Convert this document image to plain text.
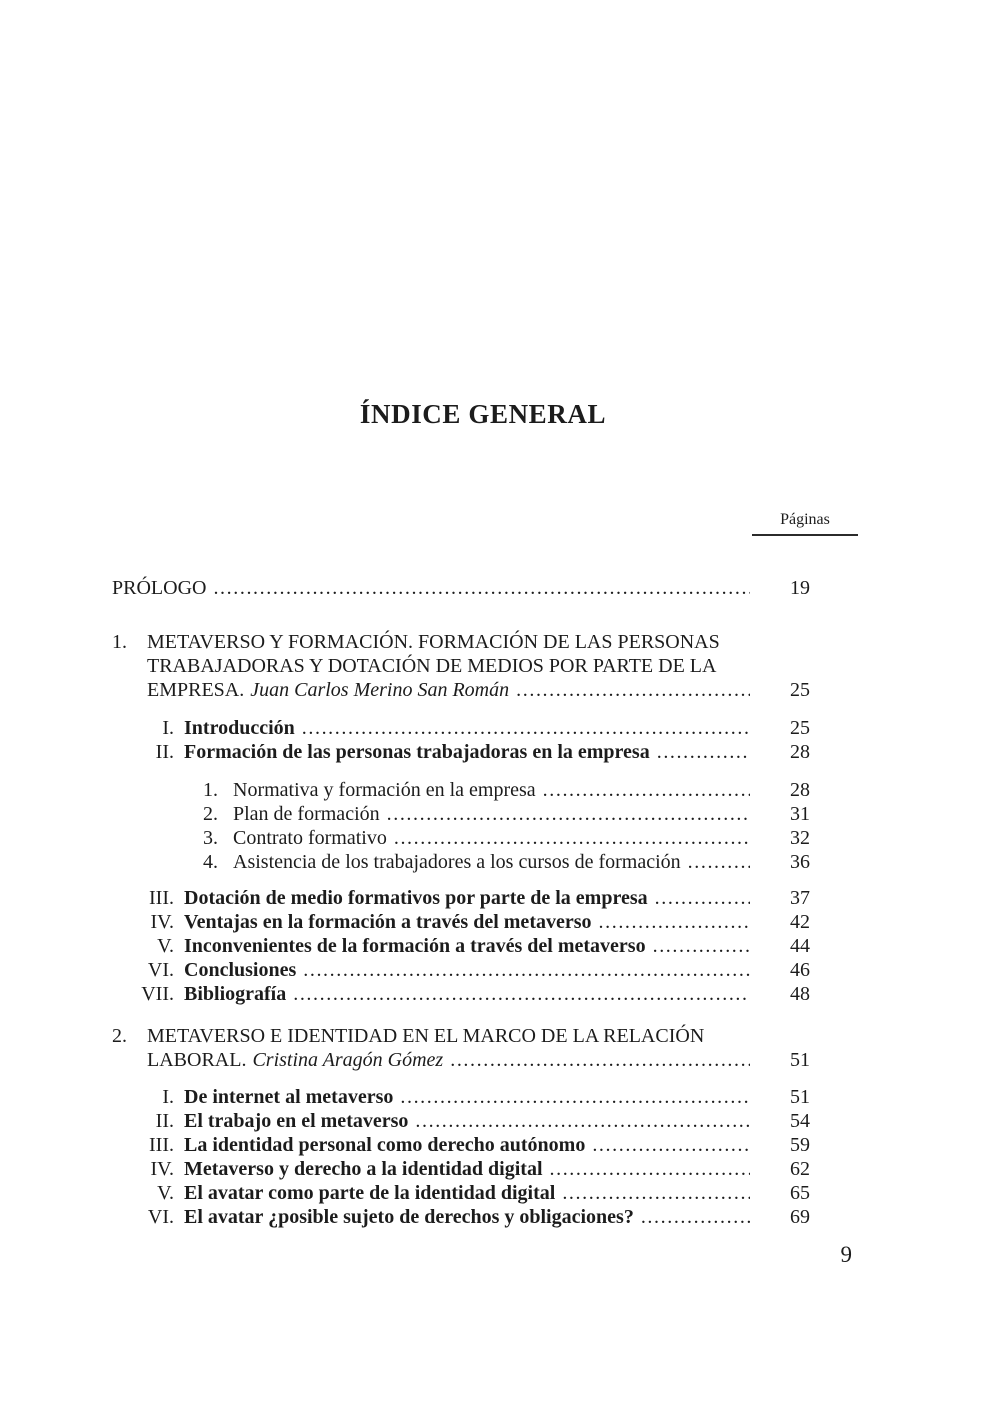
ÍNDICE GENERAL
Páginas
PRÓLOGO .....	19
1.	METAVERSO Y FORMACIÓN. FORMACIÓN DE LAS PERSONAS
TRABAJADORAS Y DOTACIÓN DE MEDIOS POR PARTE DE LA
EMPRESA. Juan Carlos Merino San Román .....	25
I. Introducción .....	25
II. Formación de las personas trabajadoras en la empresa .....	28
1. Normativa y formación en la empresa .....	28
2. Plan de formación .....	31
3. Contrato formativo .....	32
4. Asistencia de los trabajadores a los cursos de formación .....	36
III. Dotación de medio formativos por parte de la empresa .....	37
IV. Ventajas en la formación a través del metaverso .....	42
V. Inconvenientes de la formación a través del metaverso .....	44
VI. Conclusiones .....	46
VII. Bibliografía .....	48
2.	METAVERSO E IDENTIDAD EN EL MARCO DE LA RELACIÓN
LABORAL. Cristina Aragón Gómez .....	51
I. De internet al metaverso .....	51
II. El trabajo en el metaverso .....	54
III. La identidad personal como derecho autónomo .....	59
IV. Metaverso y derecho a la identidad digital .....	62
V. El avatar como parte de la identidad digital .....	65
VI. El avatar ¿posible sujeto de derechos y obligaciones? .....	69
9
